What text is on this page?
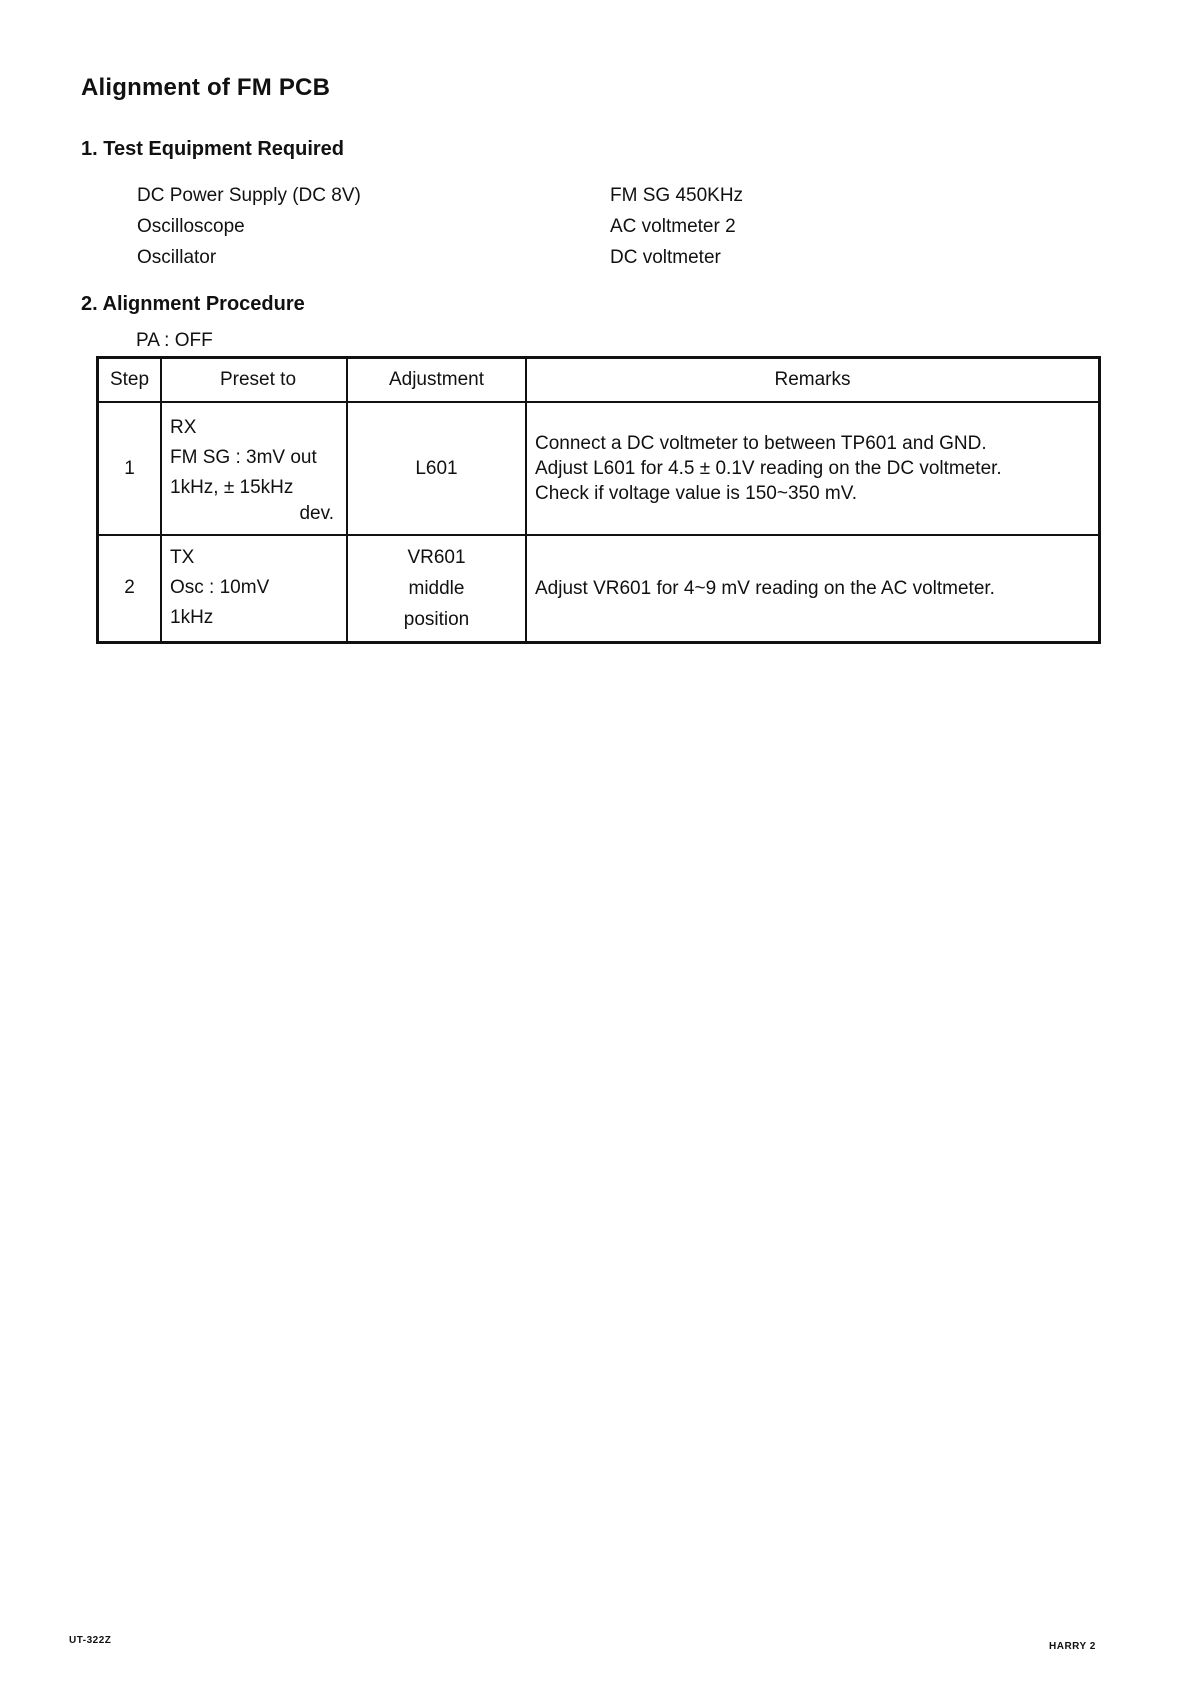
Alignment of FM PCB
1. Test Equipment Required
DC Power Supply (DC 8V)
Oscilloscope
Oscillator
FM SG 450KHz
AC voltmeter 2
DC voltmeter
2. Alignment Procedure
PA : OFF
Step	Preset to	Adjustment	Remarks
1	RX
FM SG : 3mV out
1kHz, ± 15kHz
dev.	L601	Connect a DC voltmeter to between TP601 and GND.
Adjust L601 for 4.5 ± 0.1V reading on the DC voltmeter.
Check if voltage value is 150~350 mV.

2	TX
Osc : 10mV
1kHz	VR601
middle
position	Adjust VR601 for 4~9 mV reading on the AC voltmeter.
UT-322Z
HARRY 2
